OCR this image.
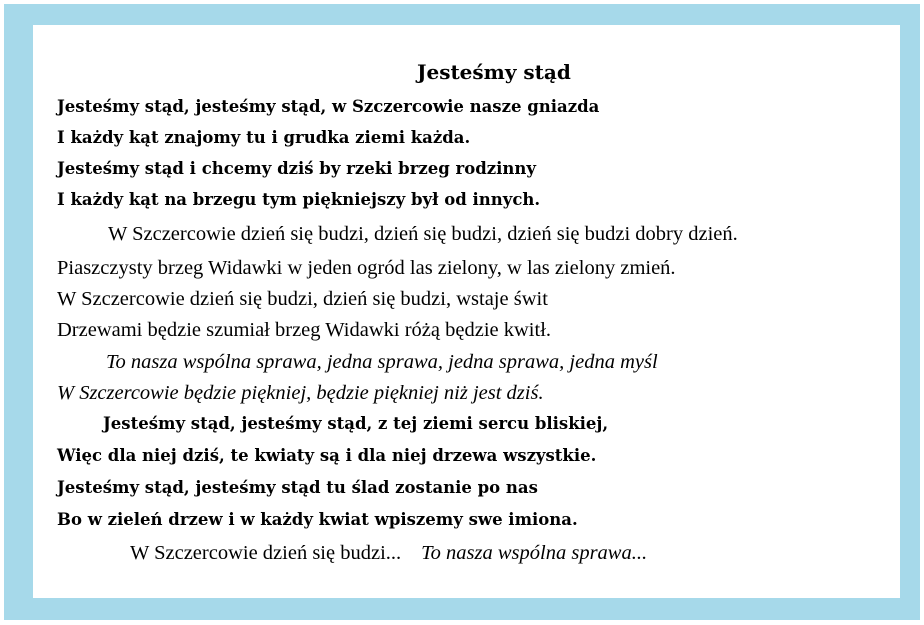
Jesteśmy stąd
Jesteśmy stąd, jesteśmy stąd, w Szczercowie nasze gniazda
I każdy kąt znajomy tu i grudka ziemi każda.
Jesteśmy stąd i chcemy dziś by rzeki brzeg rodzinny
I każdy kąt na brzegu tym piękniejszy był od innych.
W Szczercowie dzień się budzi, dzień się budzi, dzień się budzi dobry dzień.
Piaszczysty brzeg Widawki w jeden ogród las zielony, w las zielony zmień.
W Szczercowie dzień się budzi, dzień się budzi, wstaje świt
Drzewami będzie szumiał brzeg Widawki różą będzie kwitł.
To nasza wspólna sprawa, jedna sprawa, jedna sprawa, jedna myśl
W Szczercowie będzie piękniej, będzie piękniej niż jest dziś.
Jesteśmy stąd, jesteśmy stąd, z tej ziemi sercu bliskiej,
Więc dla niej dziś, te kwiaty są i dla niej drzewa wszystkie.
Jesteśmy stąd, jesteśmy stąd tu ślad zostanie po nas
Bo w zieleń drzew i w każdy kwiat wpiszemy swe imiona.
W Szczercowie dzień się budzi... To nasza wspólna sprawa...
